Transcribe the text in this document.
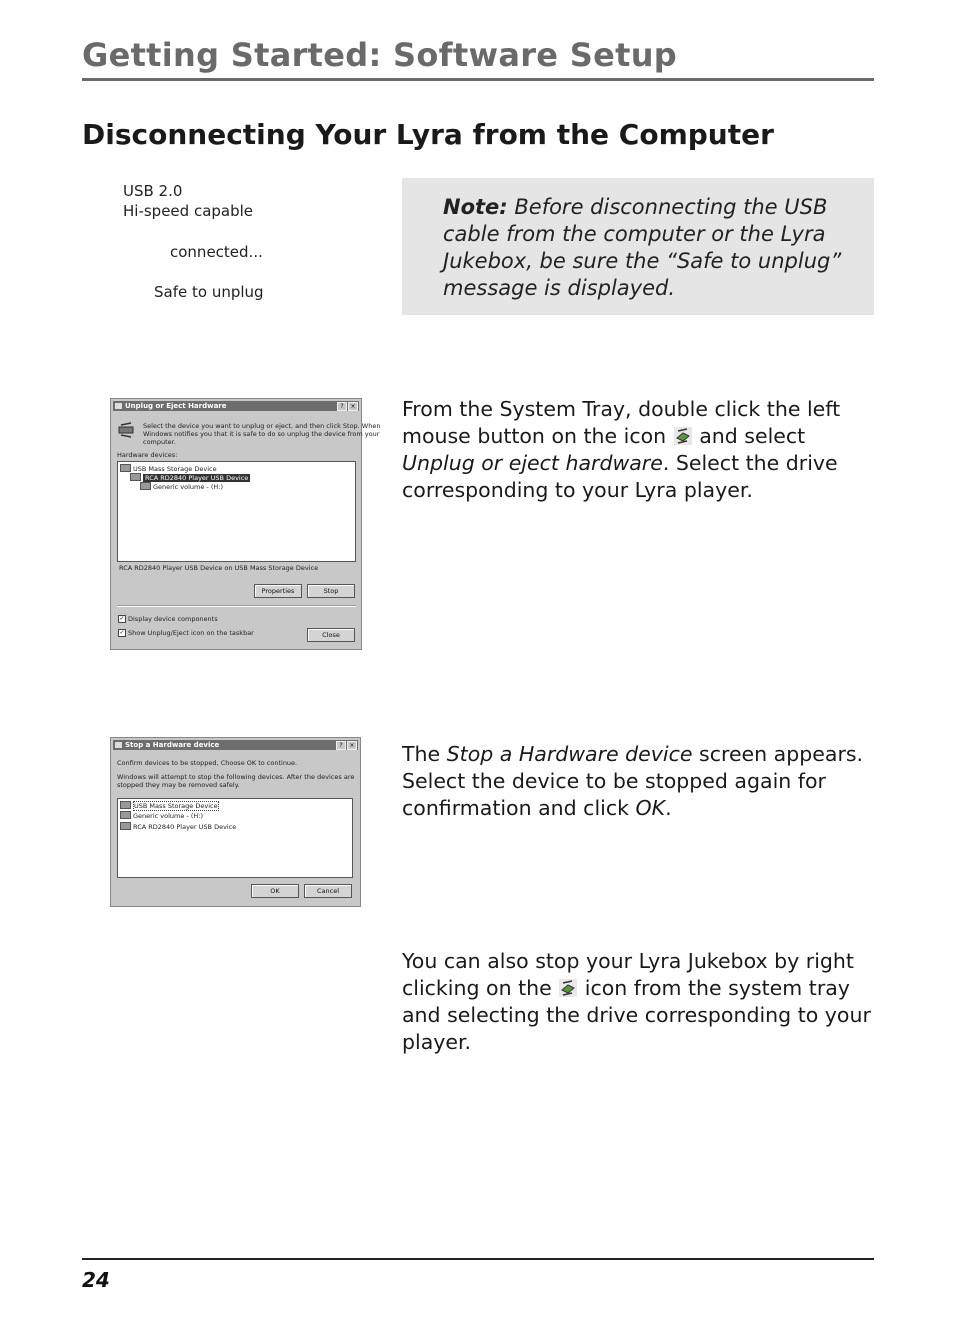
Getting Started: Software Setup
Disconnecting Your Lyra from the Computer
USB 2.0
Hi-speed capable
connected...
Safe to unplug
Note: Before disconnecting the USB cable from the computer or the Lyra Jukebox, be sure the “Safe to unplug” message is displayed.
Unplug or Eject Hardware	?	×
Select the device you want to unplug or eject, and then click Stop. When
Windows notifies you that it is safe to do so unplug the device from your
computer.
Hardware devices:
USB Mass Storage Device
RCA RD2840 Player USB Device
Generic volume - (H:)
RCA RD2840 Player USB Device on USB Mass Storage Device
Properties	Stop
✓ Display device components
✓ Show Unplug/Eject icon on the taskbar	Close
From the System Tray, double click the left mouse button on the icon  and select Unplug or eject hardware. Select the drive corresponding to your Lyra player.
Stop a Hardware device	?	×
Confirm devices to be stopped, Choose OK to continue.
Windows will attempt to stop the following devices. After the devices are
stopped they may be removed safely.
USB Mass Storage Device
Generic volume - (H:)
RCA RD2840 Player USB Device
OK	Cancel
The Stop a Hardware device screen appears. Select the device to be stopped again for confirmation and click OK.
You can also stop your Lyra Jukebox by right clicking on the  icon from the system tray and selecting the drive corresponding to your player.
24
